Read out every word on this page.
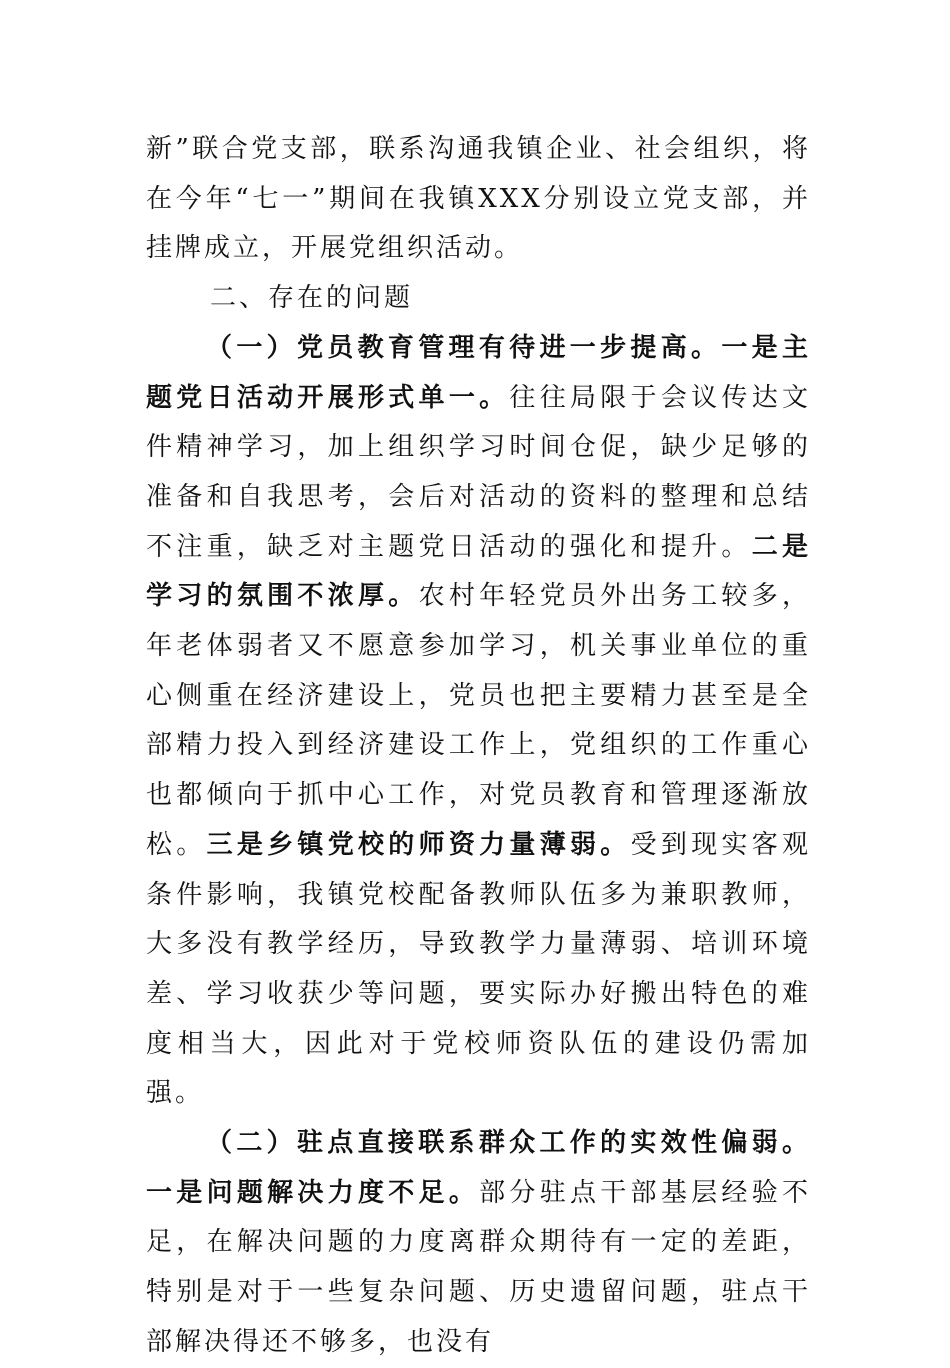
新”联合党支部，联系沟通我镇企业、社会组织，将在今年“七一”期间在我镇XXX分别设立党支部，并挂牌成立，开展党组织活动。

二、存在的问题

（一）党员教育管理有待进一步提高。一是主题党日活动开展形式单一。往往局限于会议传达文件精神学习，加上组织学习时间仓促，缺少足够的准备和自我思考，会后对活动的资料的整理和总结不注重，缺乏对主题党日活动的强化和提升。二是学习的氛围不浓厚。农村年轻党员外出务工较多，年老体弱者又不愿意参加学习，机关事业单位的重心侧重在经济建设上，党员也把主要精力甚至是全部精力投入到经济建设工作上，党组织的工作重心也都倾向于抓中心工作，对党员教育和管理逐渐放松。三是乡镇党校的师资力量薄弱。受到现实客观条件影响，我镇党校配备教师队伍多为兼职教师，大多没有教学经历，导致教学力量薄弱、培训环境差、学习收获少等问题，要实际办好搬出特色的难度相当大，因此对于党校师资队伍的建设仍需加强。

（二）驻点直接联系群众工作的实效性偏弱。一是问题解决力度不足。部分驻点干部基层经验不足，在解决问题的力度离群众期待有一定的差距，特别是对于一些复杂问题、历史遗留问题，驻点干部解决得还不够多，也没有
